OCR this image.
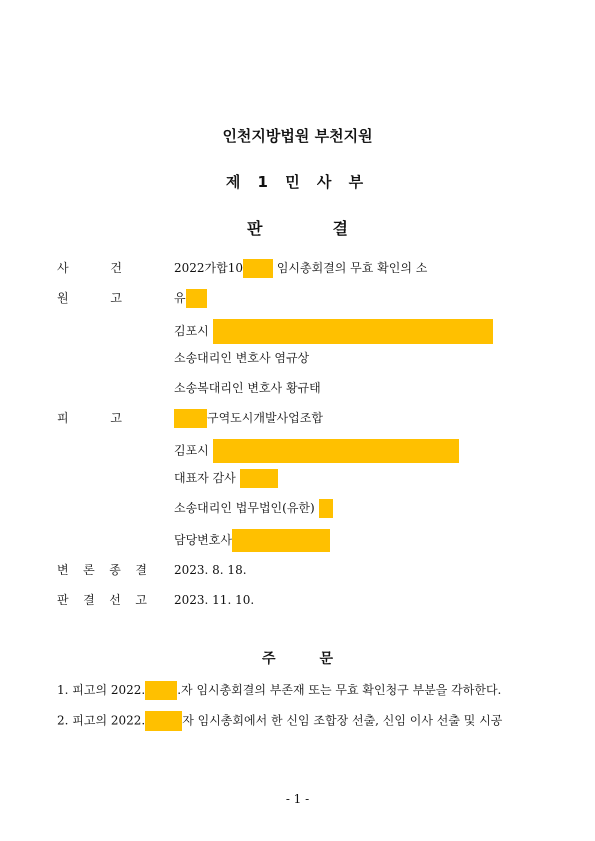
인천지방법원 부천지원
제 1 민 사 부
판결
사	건	2022가합10	임시총회결의 무효 확인의 소
원	고	유
김포시
소송대리인 변호사 염규상
소송복대리인 변호사 황규태
피	고	구역도시개발사업조합
김포시
대표자 감사
소송대리인 법무법인(유한)
담당변호사
변 론 종 결 2023. 8. 18.
판 결 선 고 2023. 11. 10.
주문
1. 피고의 2022.	.자 임시총회결의 부존재 또는 무효 확인청구 부분을 각하한다.
2. 피고의 2022.	자 임시총회에서 한 신임 조합장 선출, 신임 이사 선출 및 시공
- 1 -
